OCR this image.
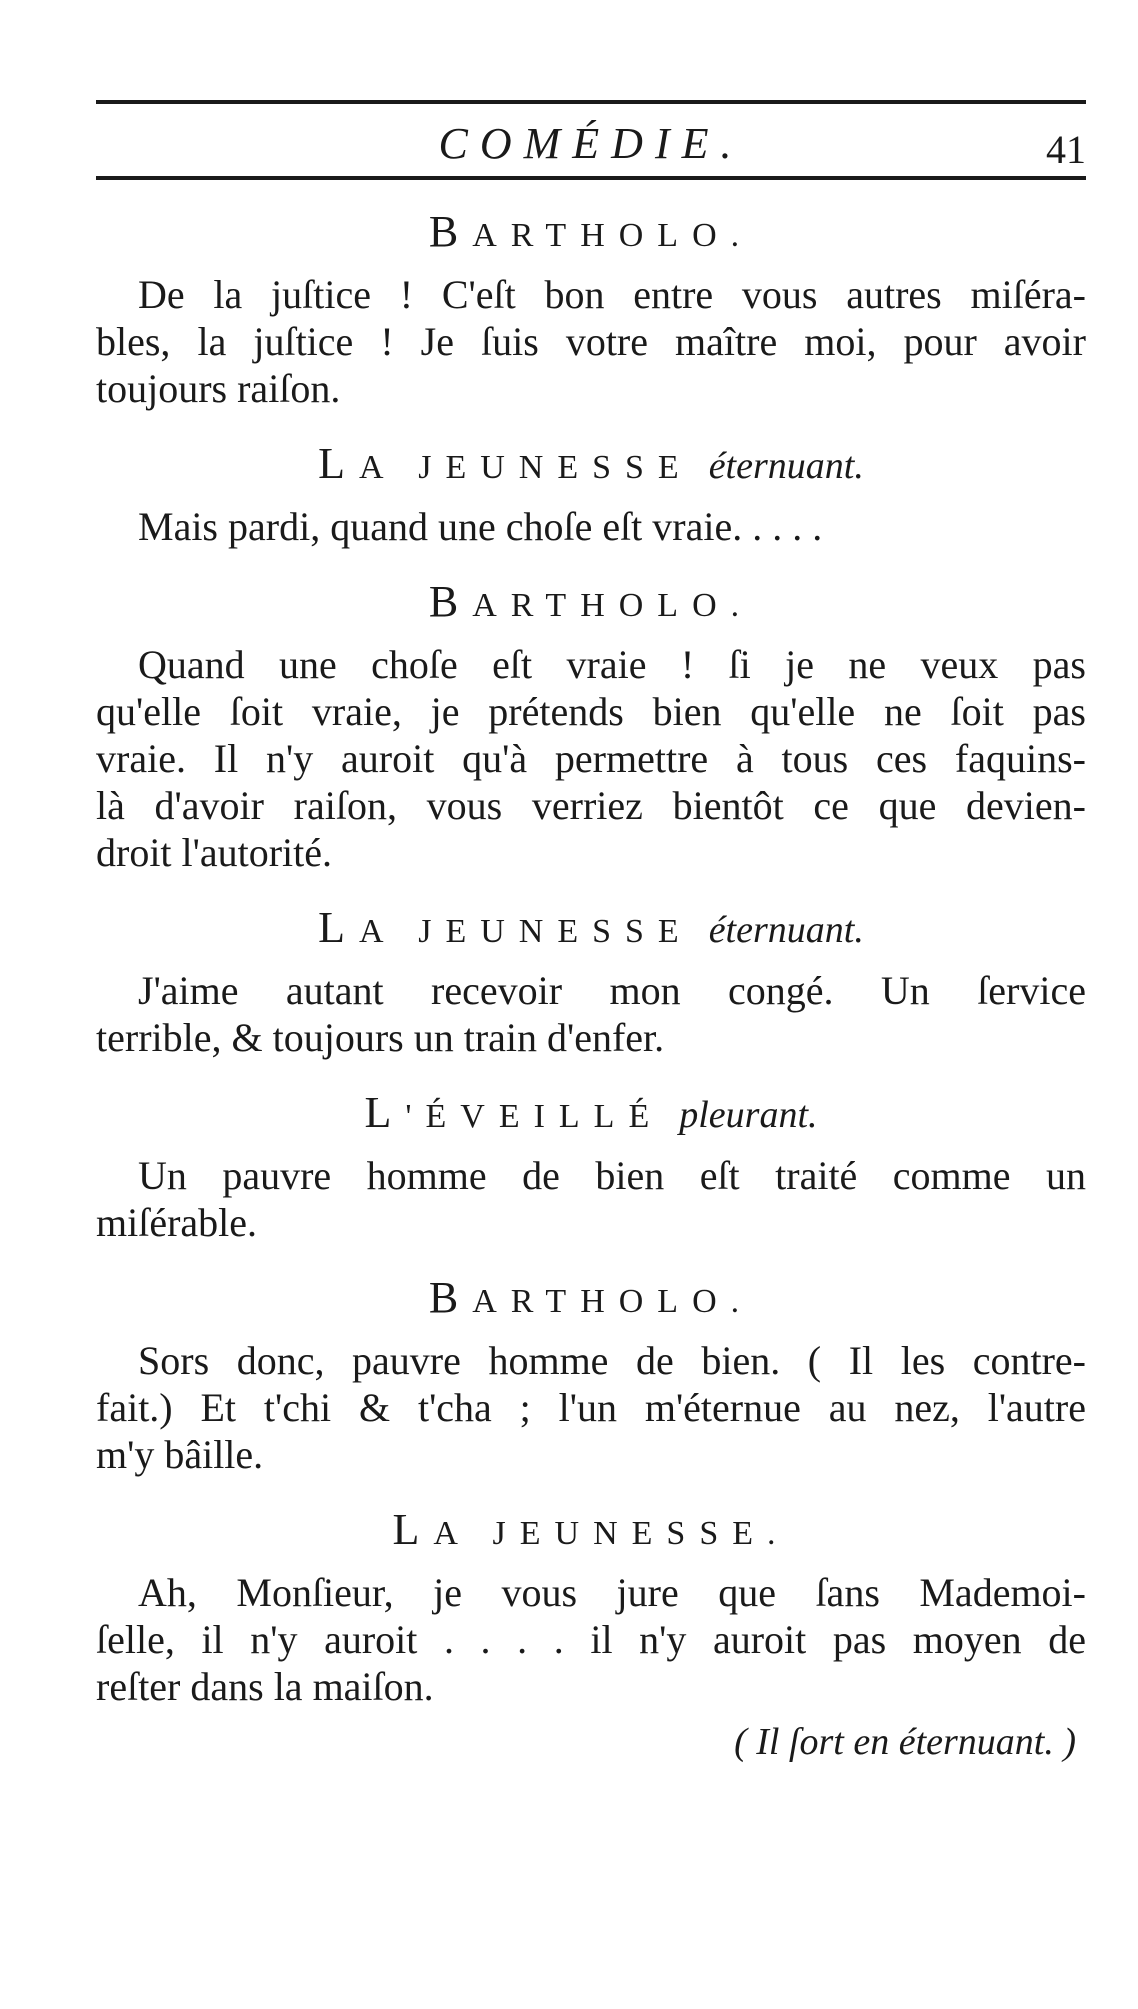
COMÉDIE.	41
BARTHOLO.
De la juſtice ! C'eſt bon entre vous autres miſéra-
bles, la juſtice ! Je ſuis votre maître moi, pour avoir
toujours raiſon.
LA JEUNESSE éternuant.
Mais pardi, quand une choſe eſt vraie. . . . .
BARTHOLO.
Quand une choſe eſt vraie ! ſi je ne veux pas
qu'elle ſoit vraie, je prétends bien qu'elle ne ſoit pas
vraie. Il n'y auroit qu'à permettre à tous ces faquins-
là d'avoir raiſon, vous verriez bientôt ce que devien-
droit l'autorité.
LA JEUNESSE éternuant.
J'aime autant recevoir mon congé. Un ſervice
terrible, & toujours un train d'enfer.
L'ÉVEILLÉ pleurant.
Un pauvre homme de bien eſt traité comme un
miſérable.
BARTHOLO.
Sors donc, pauvre homme de bien. ( Il les contre-
fait.) Et t'chi & t'cha ; l'un m'éternue au nez, l'autre
m'y bâille.
LA JEUNESSE.
Ah, Monſieur, je vous jure que ſans Mademoi-
ſelle, il n'y auroit . . . . il n'y auroit pas moyen de
reſter dans la maiſon.
( Il ſort en éternuant. )
